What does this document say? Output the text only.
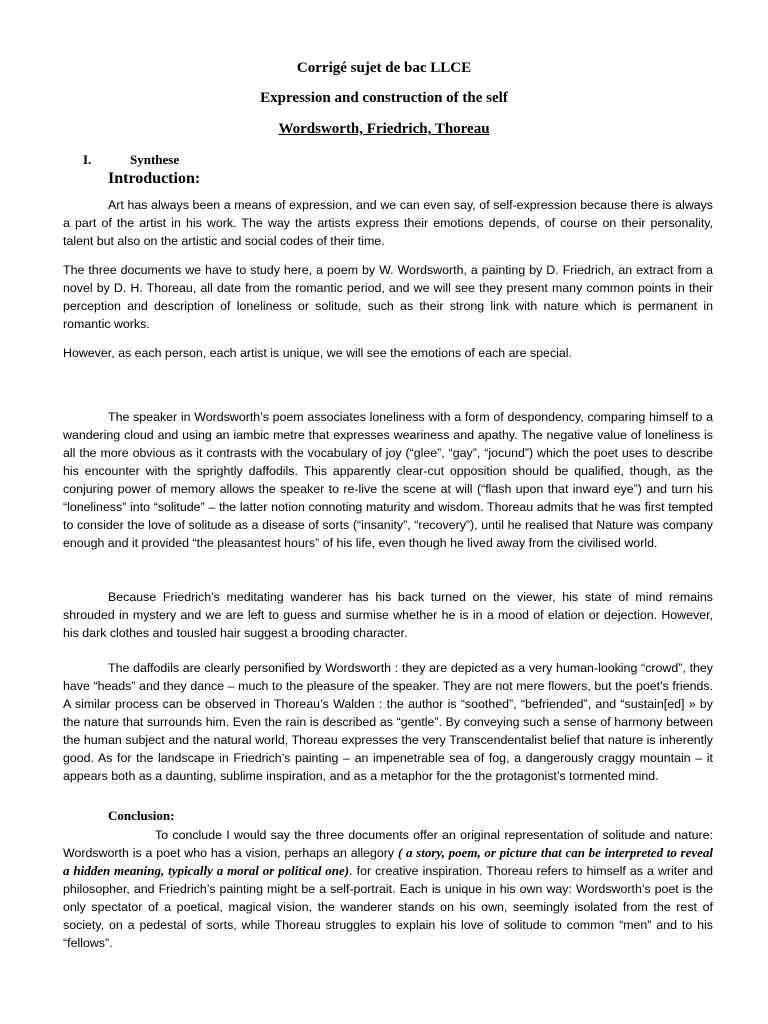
Corrigé sujet de bac LLCE
Expression and construction of the self
Wordsworth, Friedrich, Thoreau
I.	Synthese
Introduction:

Art has always been a means of expression, and we can even say, of self-expression because there is always a part of the artist in his work. The way the artists express their emotions depends, of course on their personality, talent but also on the artistic and social codes of their time.

The three documents we have to study here, a poem by W. Wordsworth, a painting by D. Friedrich, an extract from a novel by D. H. Thoreau, all date from the romantic period, and we will see they present many common points in their perception and description of loneliness or solitude, such as their strong link with nature which is permanent in romantic works.

However, as each person, each artist is unique, we will see the emotions of each are special.

The speaker in Wordsworth’s poem associates loneliness with a form of despondency, comparing himself to a wandering cloud and using an iambic metre that expresses weariness and apathy. The negative value of loneliness is all the more obvious as it contrasts with the vocabulary of joy (“glee”, “gay”, “jocund”) which the poet uses to describe his encounter with the sprightly daffodils. This apparently clear-cut opposition should be qualified, though, as the conjuring power of memory allows the speaker to re-live the scene at will (“flash upon that inward eye”) and turn his “loneliness” into “solitude” – the latter notion connoting maturity and wisdom. Thoreau admits that he was first tempted to consider the love of solitude as a disease of sorts (“insanity”, “recovery”), until he realised that Nature was company enough and it provided “the pleasantest hours” of his life, even though he lived away from the civilised world.

Because Friedrich’s meditating wanderer has his back turned on the viewer, his state of mind remains shrouded in mystery and we are left to guess and surmise whether he is in a mood of elation or dejection. However, his dark clothes and tousled hair suggest a brooding character.

The daffodils are clearly personified by Wordsworth : they are depicted as a very human-looking “crowd”, they have “heads” and they dance – much to the pleasure of the speaker. They are not mere flowers, but the poet’s friends. A similar process can be observed in Thoreau’s Walden : the author is “soothed”, “befriended”, and “sustain[ed] » by the nature that surrounds him. Even the rain is described as “gentle”. By conveying such a sense of harmony between the human subject and the natural world, Thoreau expresses the very Transcendentalist belief that nature is inherently good. As for the landscape in Friedrich’s painting – an impenetrable sea of fog, a dangerously craggy mountain – it appears both as a daunting, sublime inspiration, and as a metaphor for the the protagonist’s tormented mind.

Conclusion:

To conclude I would say the three documents offer an original representation of solitude and nature: Wordsworth is a poet who has a vision, perhaps an allegory ( a story, poem, or picture that can be interpreted to reveal a hidden meaning, typically a moral or political one). for creative inspiration. Thoreau refers to himself as a writer and philosopher, and Friedrich’s painting might be a self-portrait. Each is unique in his own way: Wordsworth’s poet is the only spectator of a poetical, magical vision, the wanderer stands on his own, seemingly isolated from the rest of society, on a pedestal of sorts, while Thoreau struggles to explain his love of solitude to common “men” and to his “fellows”.
